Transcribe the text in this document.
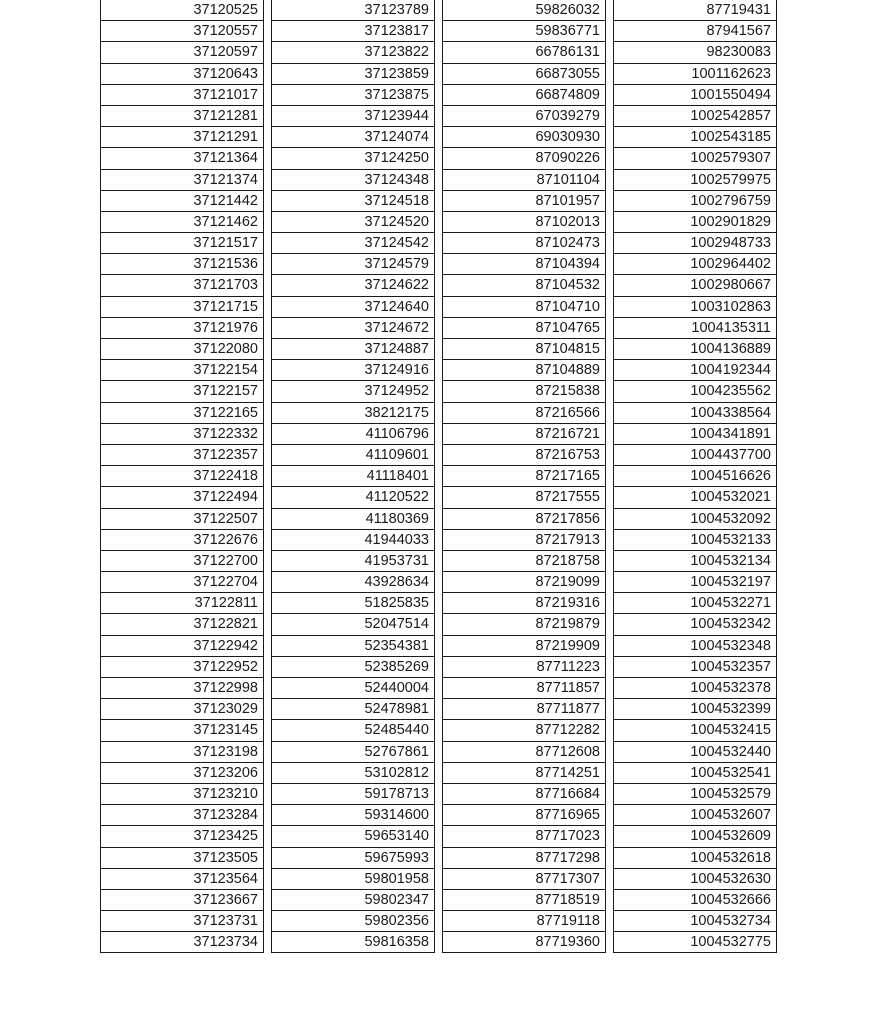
37120525
37120557
37120597
37120643
37121017
37121281
37121291
37121364
37121374
37121442
37121462
37121517
37121536
37121703
37121715
37121976
37122080
37122154
37122157
37122165
37122332
37122357
37122418
37122494
37122507
37122676
37122700
37122704
37122811
37122821
37122942
37122952
37122998
37123029
37123145
37123198
37123206
37123210
37123284
37123425
37123505
37123564
37123667
37123731
37123734
37123789
37123817
37123822
37123859
37123875
37123944
37124074
37124250
37124348
37124518
37124520
37124542
37124579
37124622
37124640
37124672
37124887
37124916
37124952
38212175
41106796
41109601
41118401
41120522
41180369
41944033
41953731
43928634
51825835
52047514
52354381
52385269
52440004
52478981
52485440
52767861
53102812
59178713
59314600
59653140
59675993
59801958
59802347
59802356
59816358
59826032
59836771
66786131
66873055
66874809
67039279
69030930
87090226
87101104
87101957
87102013
87102473
87104394
87104532
87104710
87104765
87104815
87104889
87215838
87216566
87216721
87216753
87217165
87217555
87217856
87217913
87218758
87219099
87219316
87219879
87219909
87711223
87711857
87711877
87712282
87712608
87714251
87716684
87716965
87717023
87717298
87717307
87718519
87719118
87719360
87719431
87941567
98230083
1001162623
1001550494
1002542857
1002543185
1002579307
1002579975
1002796759
1002901829
1002948733
1002964402
1002980667
1003102863
1004135311
1004136889
1004192344
1004235562
1004338564
1004341891
1004437700
1004516626
1004532021
1004532092
1004532133
1004532134
1004532197
1004532271
1004532342
1004532348
1004532357
1004532378
1004532399
1004532415
1004532440
1004532541
1004532579
1004532607
1004532609
1004532618
1004532630
1004532666
1004532734
1004532775
